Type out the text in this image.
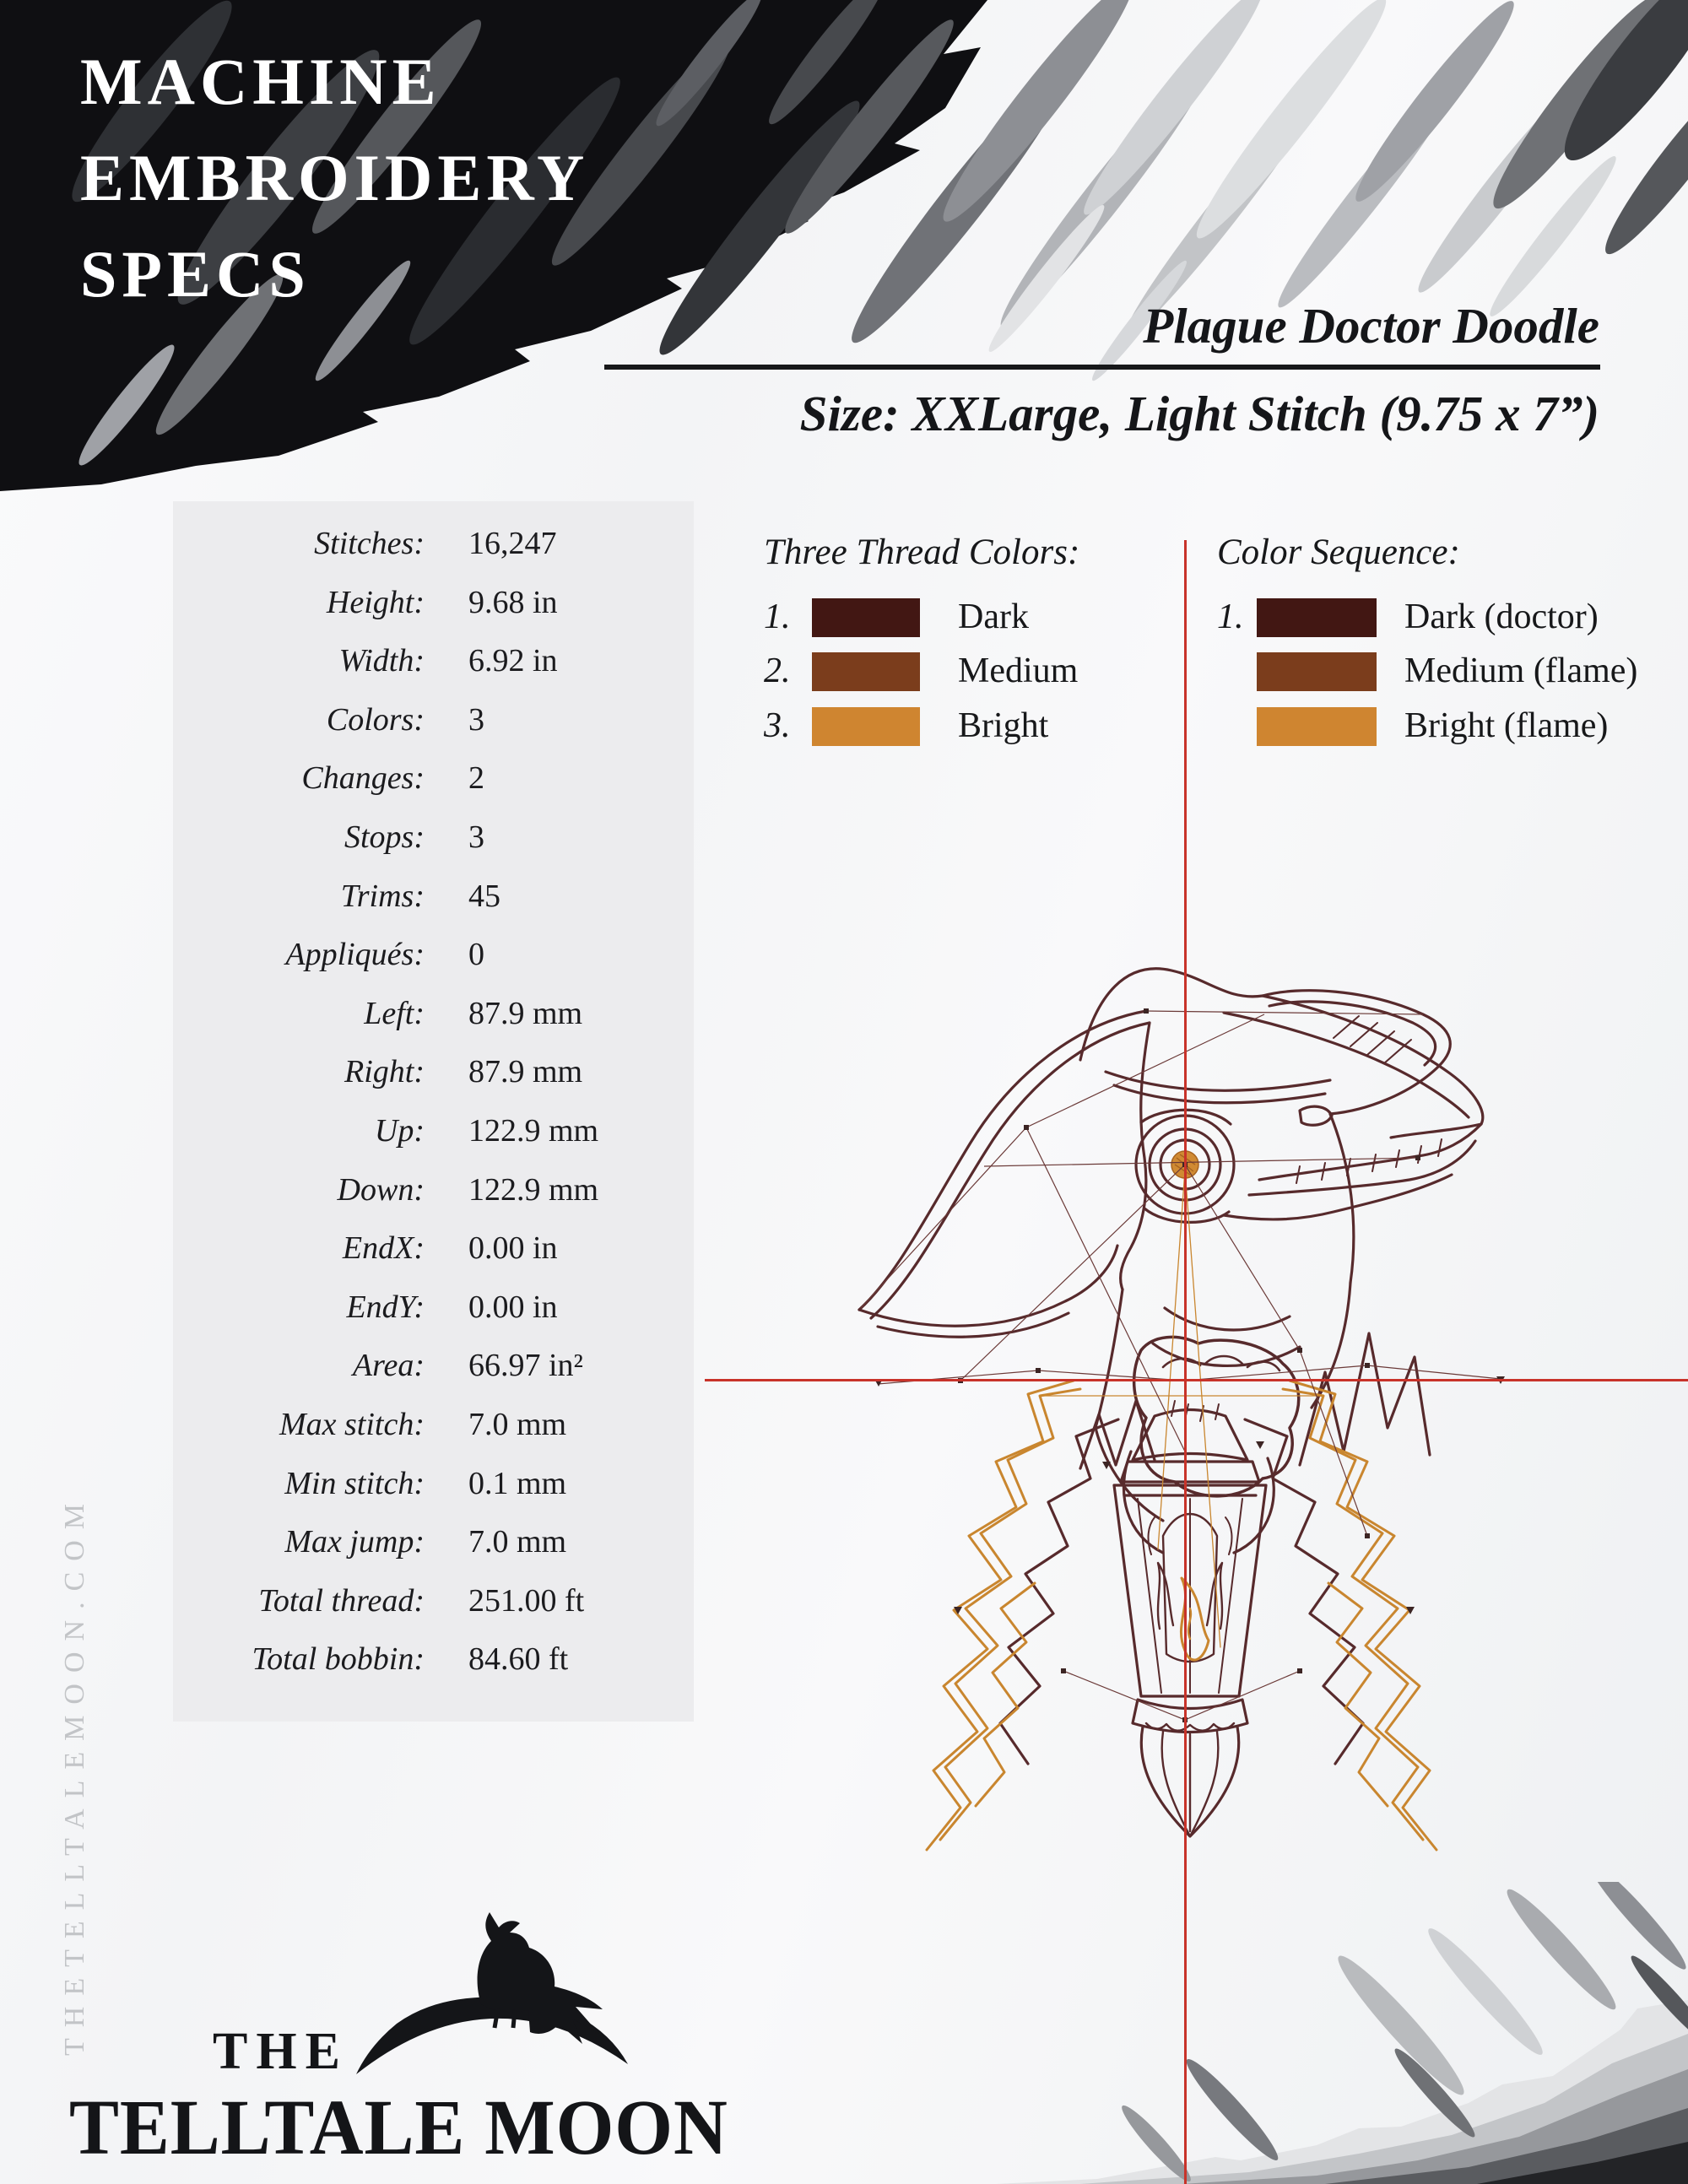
MACHINE
EMBROIDERY
SPECS
Plague Doctor Doodle
Size: XXLarge, Light Stitch (9.75 x 7”)
Stitches: 16,247
Height: 9.68 in
Width: 6.92 in
Colors: 3
Changes: 2
Stops: 3
Trims: 45
Appliqués: 0
Left: 87.9 mm
Right: 87.9 mm
Up: 122.9 mm
Down: 122.9 mm
EndX: 0.00 in
EndY: 0.00 in
Area: 66.97 in²
Max stitch: 7.0 mm
Min stitch: 0.1 mm
Max jump: 7.0 mm
Total thread: 251.00 ft
Total bobbin: 84.60 ft
Three Thread Colors:
1.	Dark
2.	Medium
3.	Bright
Color Sequence:
1.	Dark (doctor)
Medium (flame)
Bright (flame)
THETELLTALEMOON.COM THE
TELLTALE MOON
